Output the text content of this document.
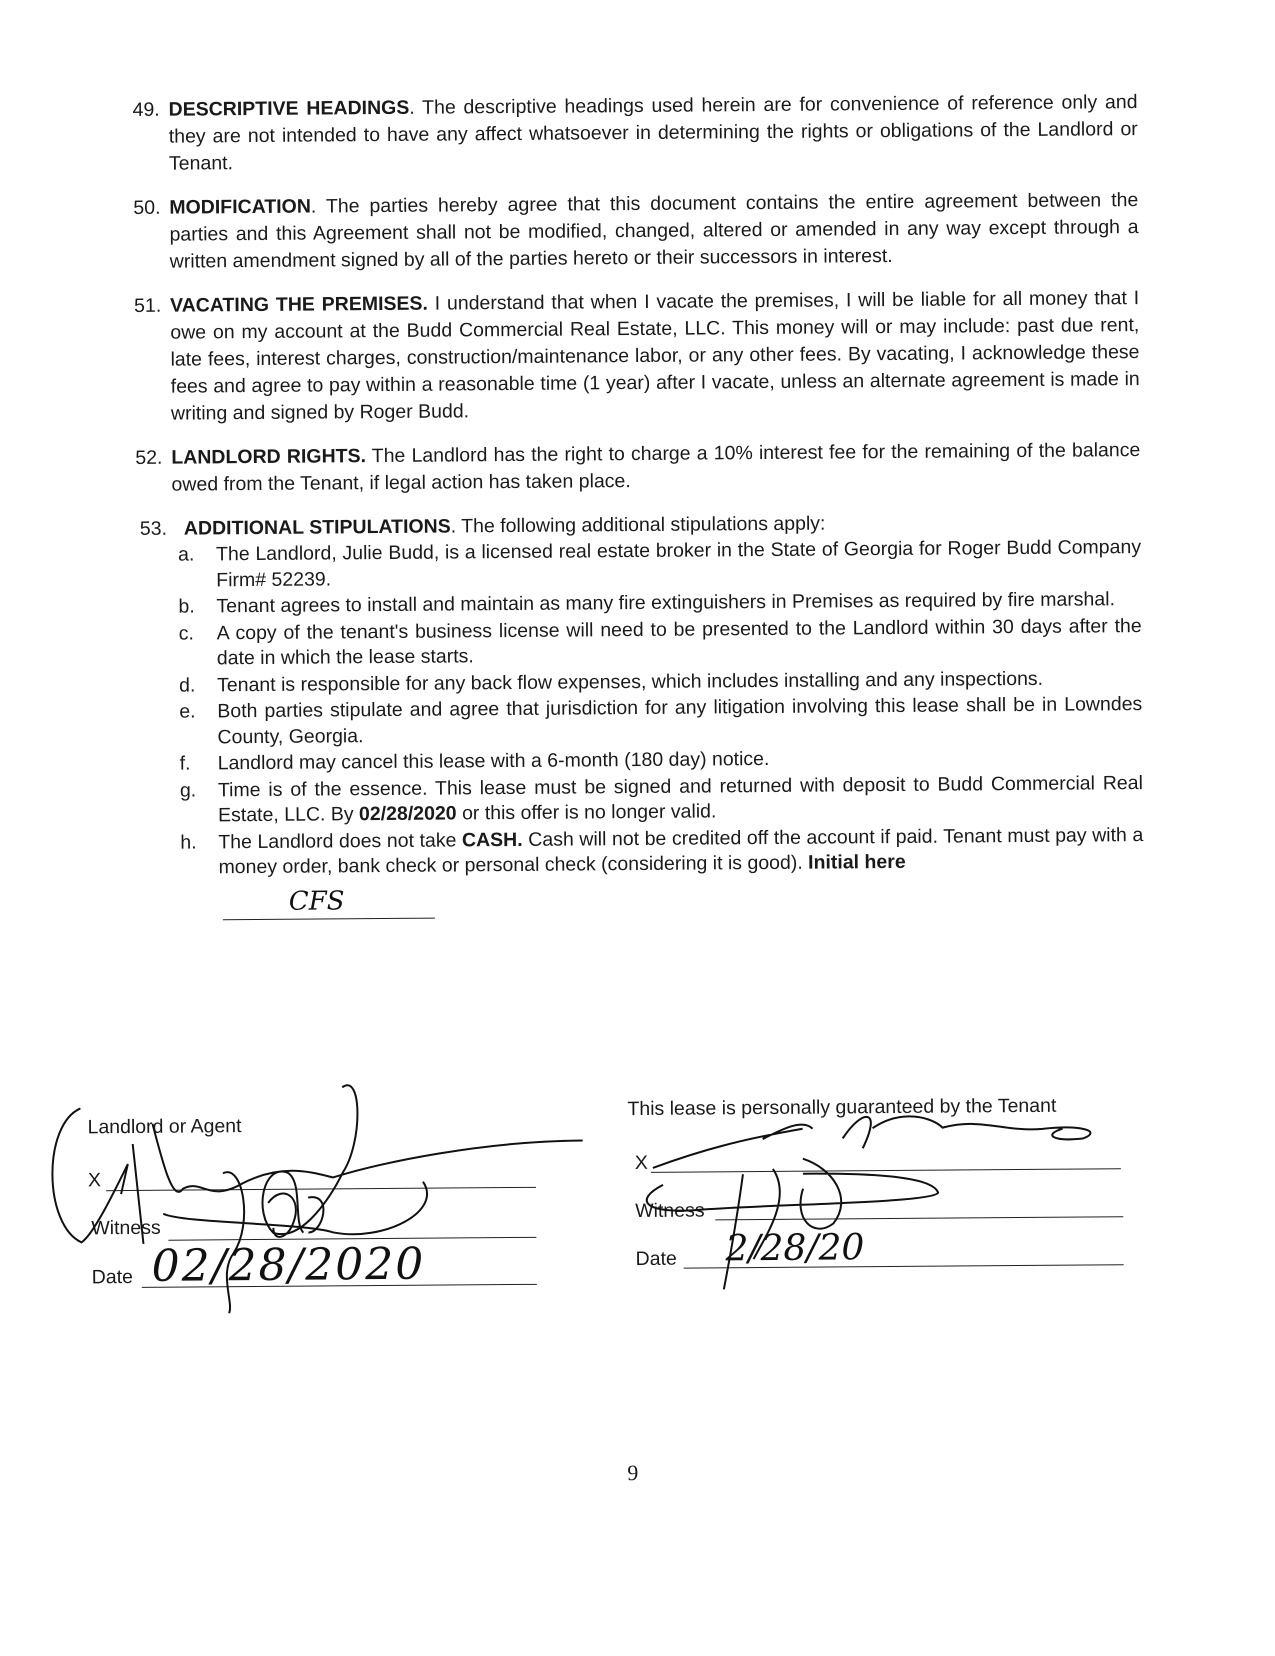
49. DESCRIPTIVE HEADINGS. The descriptive headings used herein are for convenience of reference only and they are not intended to have any affect whatsoever in determining the rights or obligations of the Landlord or Tenant.
50. MODIFICATION. The parties hereby agree that this document contains the entire agreement between the parties and this Agreement shall not be modified, changed, altered or amended in any way except through a written amendment signed by all of the parties hereto or their successors in interest.
51. VACATING THE PREMISES. I understand that when I vacate the premises, I will be liable for all money that I owe on my account at the Budd Commercial Real Estate, LLC. This money will or may include: past due rent, late fees, interest charges, construction/maintenance labor, or any other fees. By vacating, I acknowledge these fees and agree to pay within a reasonable time (1 year) after I vacate, unless an alternate agreement is made in writing and signed by Roger Budd.
52. LANDLORD RIGHTS. The Landlord has the right to charge a 10% interest fee for the remaining of the balance owed from the Tenant, if legal action has taken place.
53. ADDITIONAL STIPULATIONS. The following additional stipulations apply:
a. The Landlord, Julie Budd, is a licensed real estate broker in the State of Georgia for Roger Budd Company Firm# 52239.
b. Tenant agrees to install and maintain as many fire extinguishers in Premises as required by fire marshal.
c. A copy of the tenant's business license will need to be presented to the Landlord within 30 days after the date in which the lease starts.
d. Tenant is responsible for any back flow expenses, which includes installing and any inspections.
e. Both parties stipulate and agree that jurisdiction for any litigation involving this lease shall be in Lowndes County, Georgia.
f. Landlord may cancel this lease with a 6-month (180 day) notice.
g. Time is of the essence. This lease must be signed and returned with deposit to Budd Commercial Real Estate, LLC. By 02/28/2020 or this offer is no longer valid.
h. The Landlord does not take CASH. Cash will not be credited off the account if paid. Tenant must pay with a money order, bank check or personal check (considering it is good). Initial here
CFS
Landlord or Agent
X
Witness
Date 02/28/2020
This lease is personally guaranteed by the Tenant
X
Witness
Date 2/28/20
9
